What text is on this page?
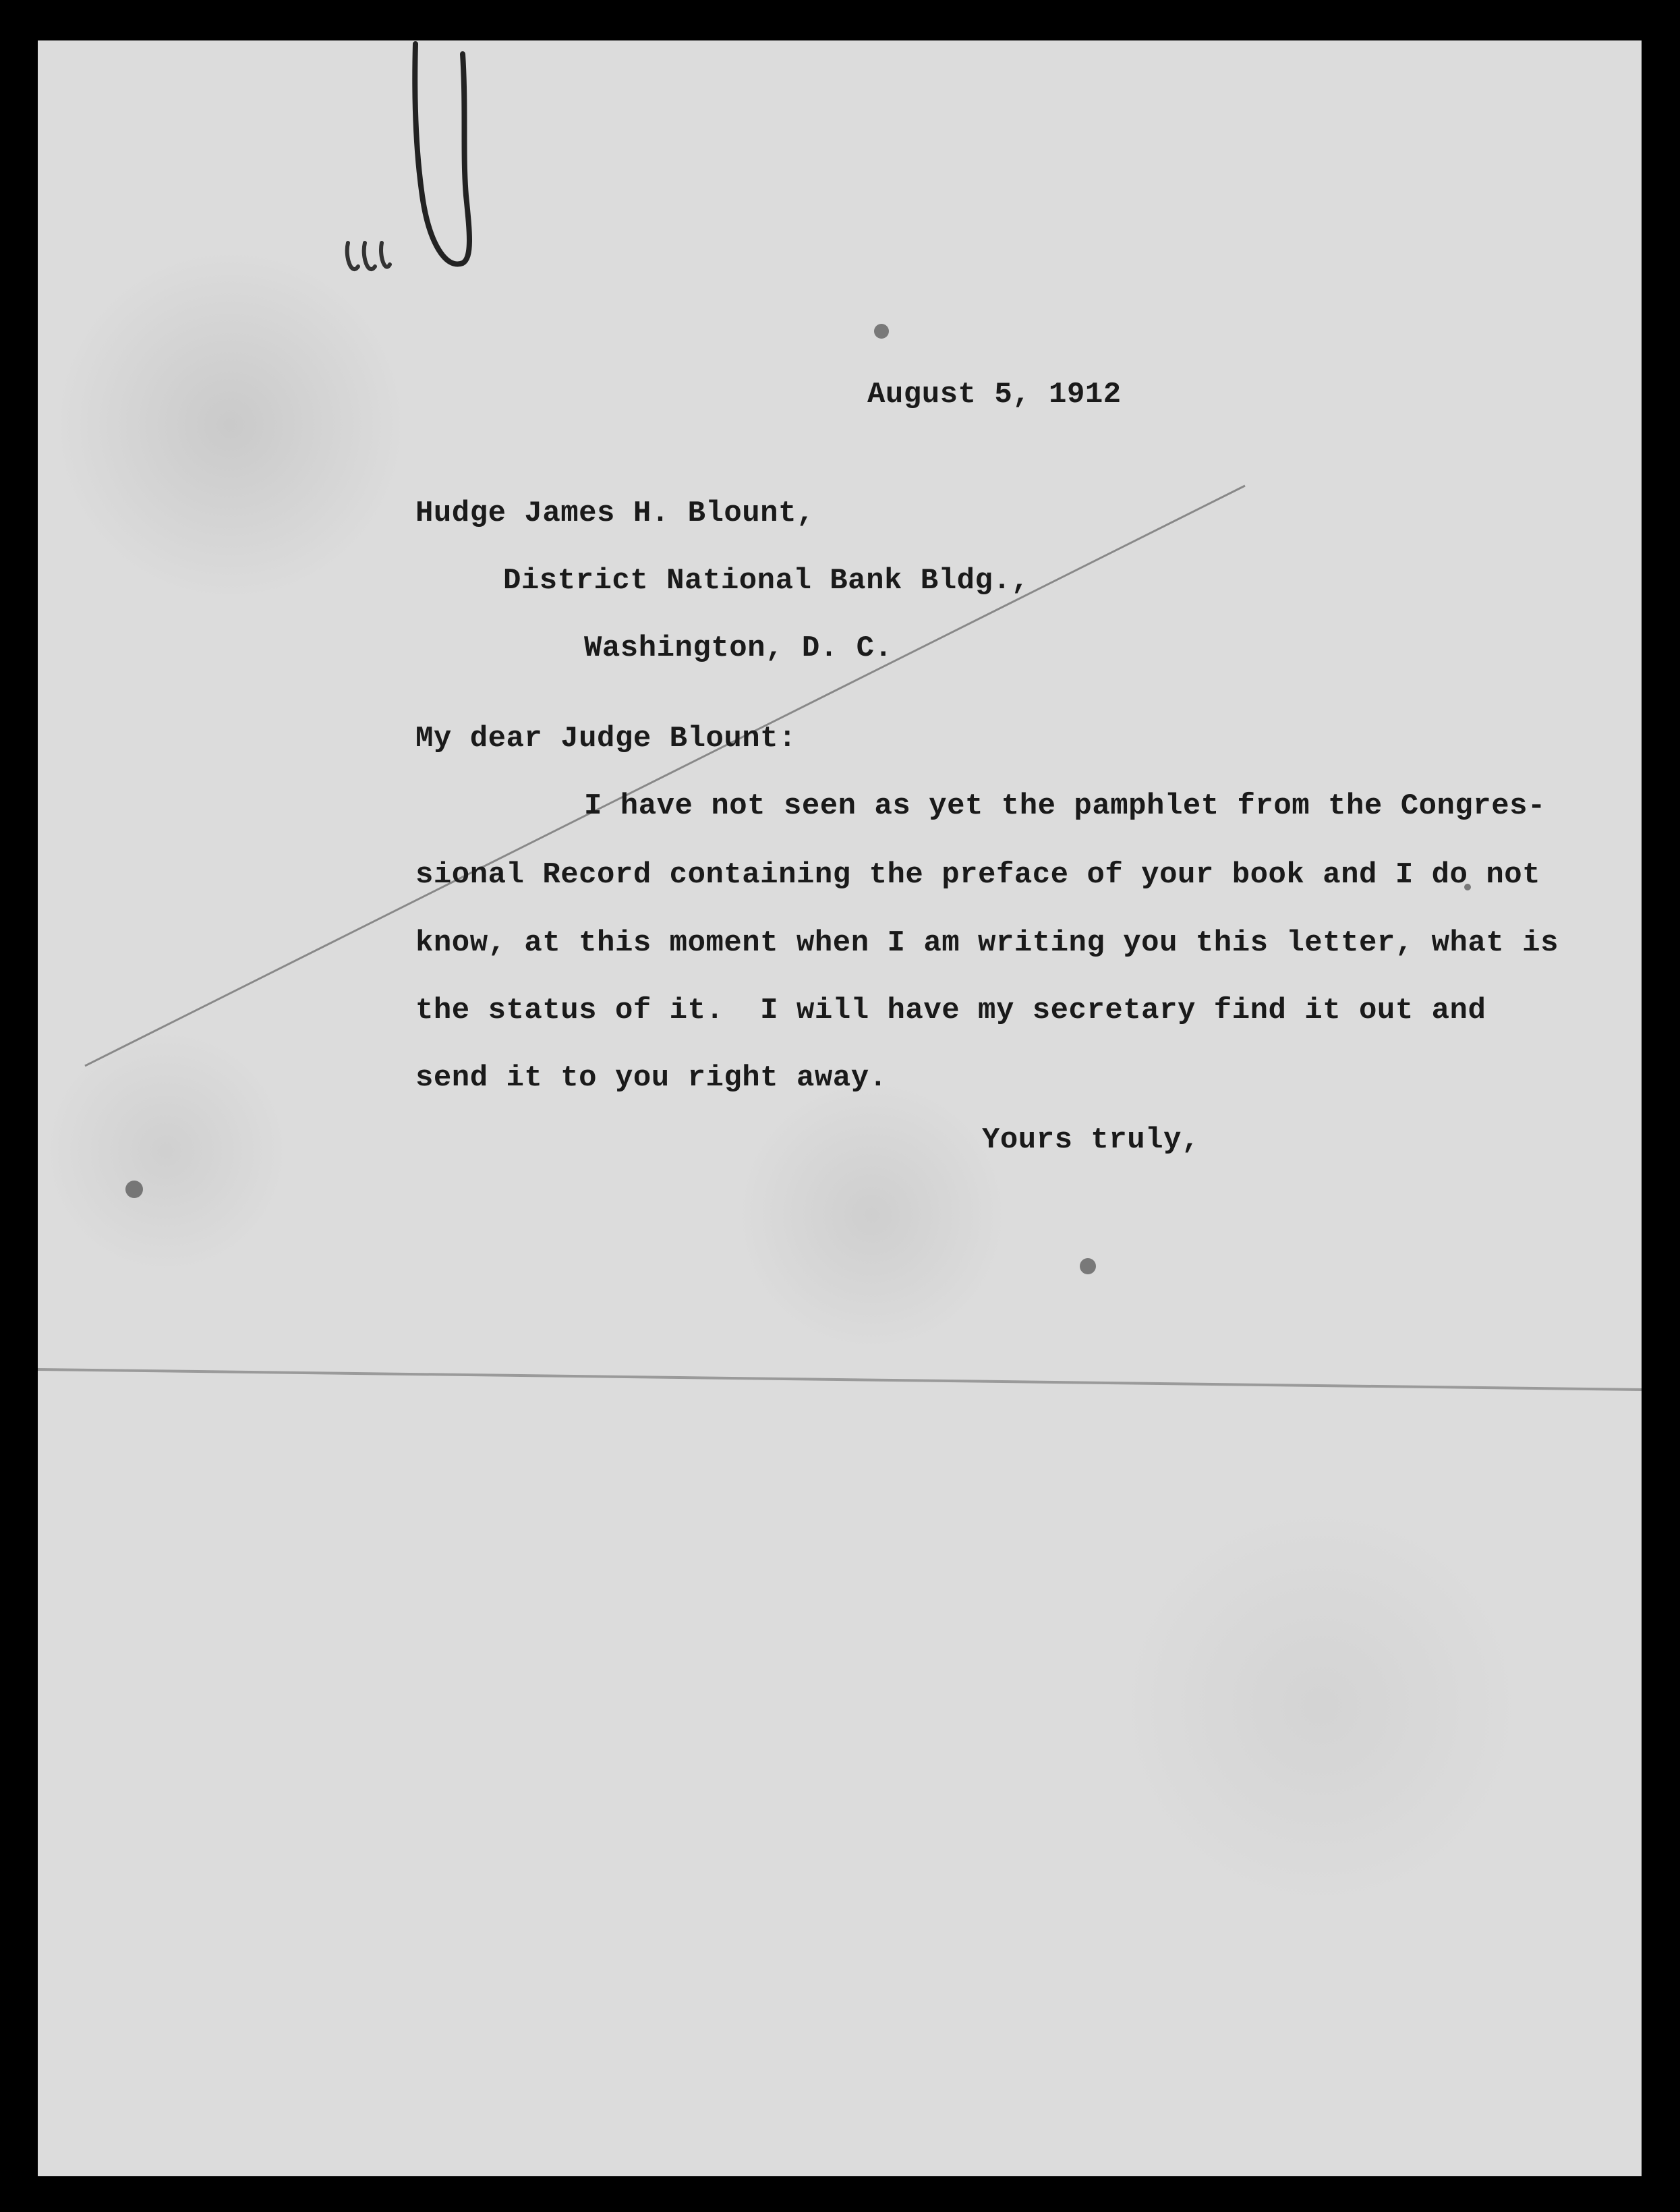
August 5, 1912
Hudge James H. Blount,
District National Bank Bldg.,
Washington, D. C.
My dear Judge Blount:
I have not seen as yet the pamphlet from the Congres-
sional Record containing the preface of your book and I do not
know, at this moment when I am writing you this letter, what is
the status of it.  I will have my secretary find it out and
send it to you right away.
Yours truly,
